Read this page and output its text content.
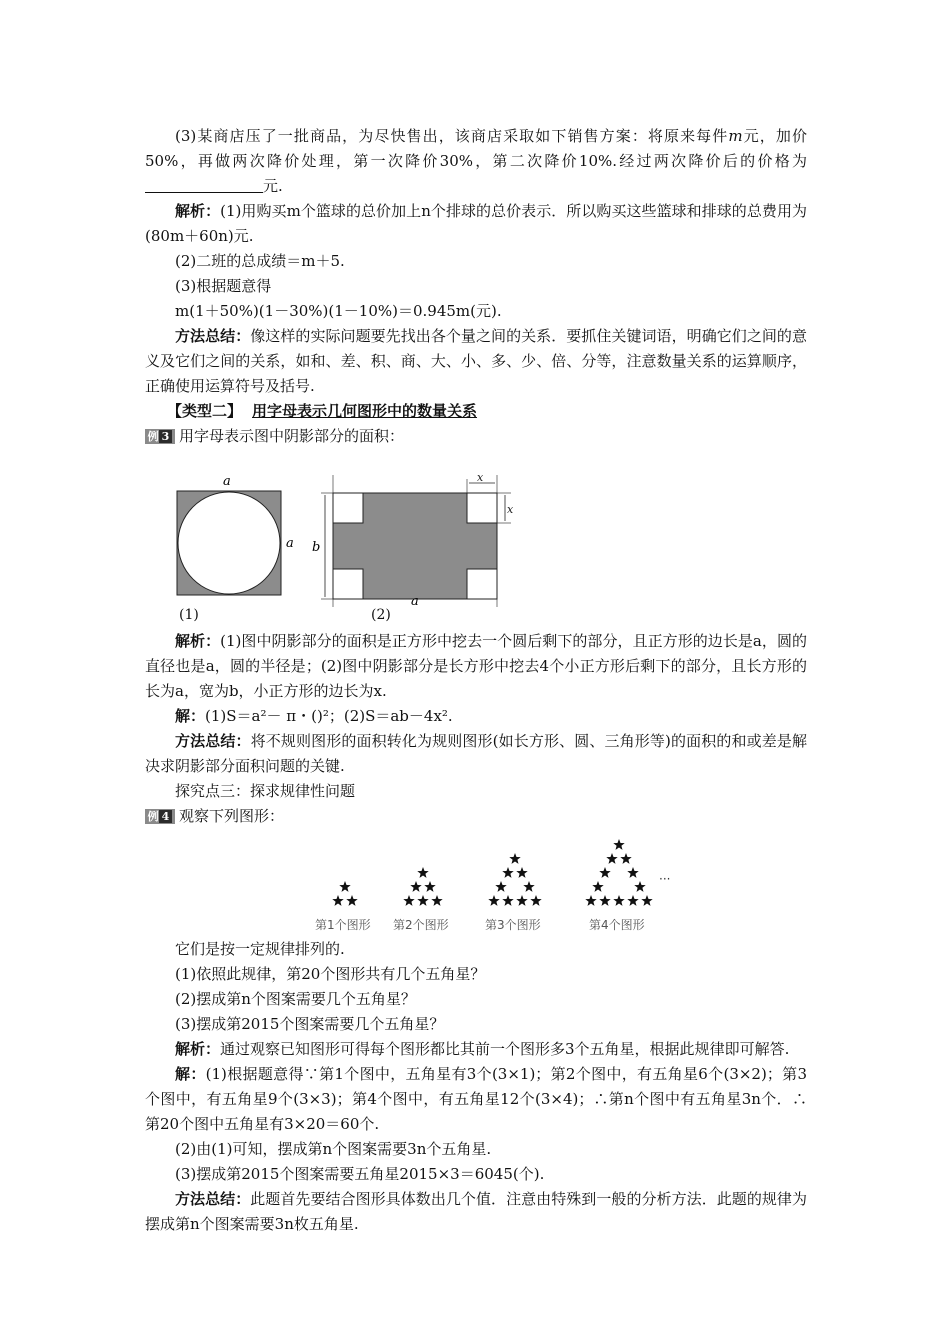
(3)某商店压了一批商品，为尽快售出，该商店采取如下销售方案：将原来每件m元，加价50%，再做两次降价处理，第一次降价30%，第二次降价10%.经过两次降价后的价格为元.

解析：(1)用购买m个篮球的总价加上n个排球的总价表示．所以购买这些篮球和排球的总费用为(80m＋60n)元.

(2)二班的总成绩＝m＋5.

(3)根据题意得

m(1＋50%)(1－30%)(1－10%)＝0.945m(元).

方法总结：像这样的实际问题要先找出各个量之间的关系．要抓住关键词语，明确它们之间的意义及它们之间的关系，如和、差、积、商、大、小、多、少、倍、分等，注意数量关系的运算顺序，正确使用运算符号及括号.

【类型二】 用字母表示几何图形中的数量关系

例 3 用字母表示图中阴影部分的面积：

a
a
x
x
b
a
(1)	(2)

解析：(1)图中阴影部分的面积是正方形中挖去一个圆后剩下的部分，且正方形的边长是a，圆的直径也是a，圆的半径是；(2)图中阴影部分是长方形中挖去4个小正方形后剩下的部分，且长方形的长为a，宽为b，小正方形的边长为x.

解：(1)S＝a²－ π・()²；(2)S＝ab－4x².

方法总结：将不规则图形的面积转化为规则图形(如长方形、圆、三角形等)的面积的和或差是解决求阴影部分面积问题的关键.

探究点三：探求规律性问题

例 4 观察下列图形：

第1个图形 第2个图形	第3个图形	第4个图形
···

它们是按一定规律排列的.

(1)依照此规律，第20个图形共有几个五角星？

(2)摆成第n个图案需要几个五角星？

(3)摆成第2015个图案需要几个五角星？

解析：通过观察已知图形可得每个图形都比其前一个图形多3个五角星，根据此规律即可解答.

解：(1)根据题意得∵第1个图中，五角星有3个(3×1)；第2个图中，有五角星6个(3×2)；第3个图中，有五角星9个(3×3)；第4个图中，有五角星12个(3×4)；∴第n个图中有五角星3n个．∴第20个图中五角星有3×20＝60个.

(2)由(1)可知，摆成第n个图案需要3n个五角星.

(3)摆成第2015个图案需要五角星2015×3＝6045(个).

方法总结：此题首先要结合图形具体数出几个值．注意由特殊到一般的分析方法．此题的规律为摆成第n个图案需要3n枚五角星.
